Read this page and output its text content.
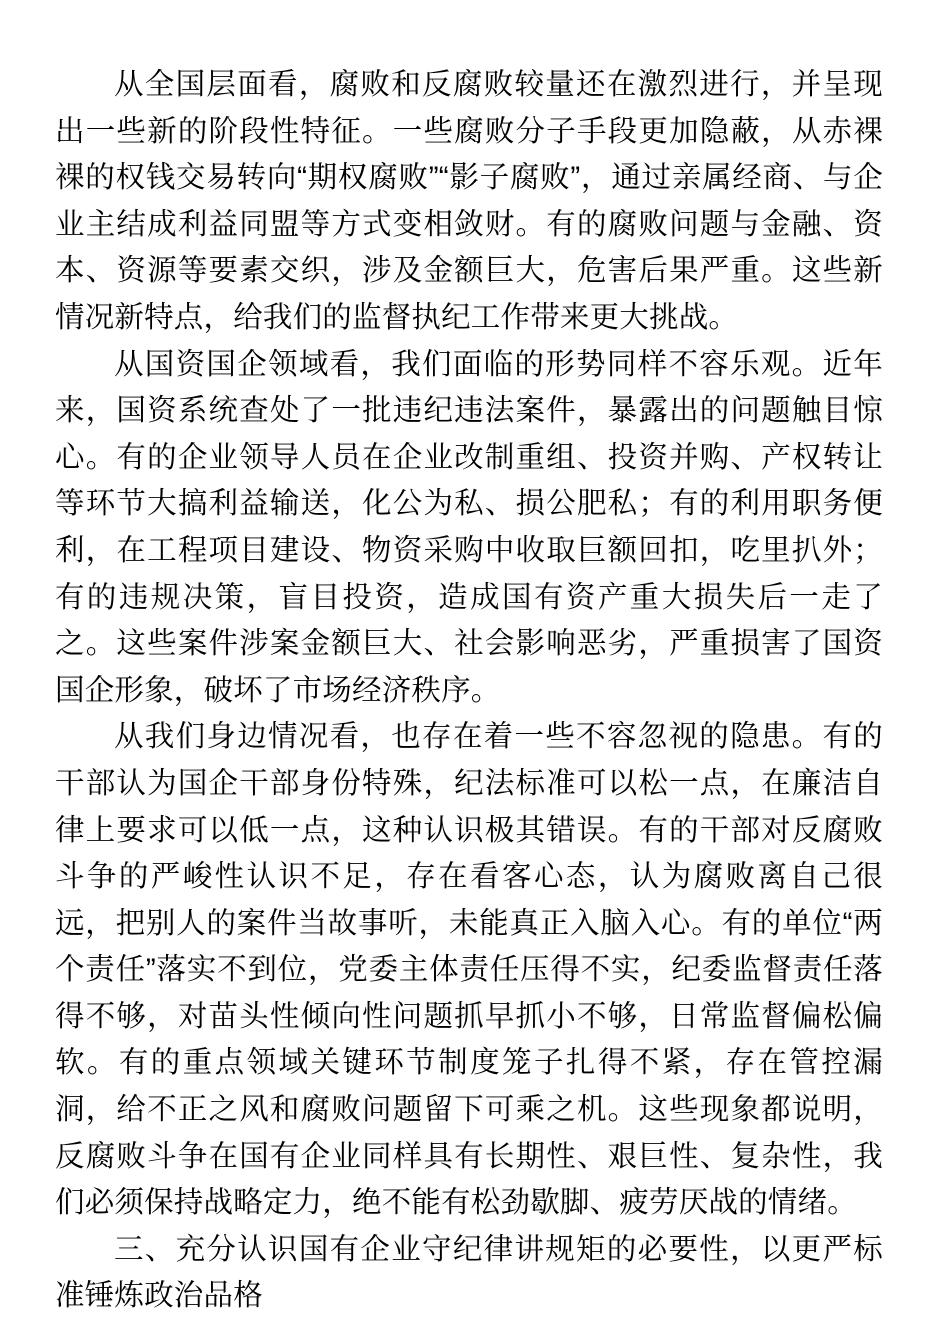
从全国层面看，腐败和反腐败较量还在激烈进行，并呈现出一些新的阶段性特征。一些腐败分子手段更加隐蔽，从赤裸裸的权钱交易转向“期权腐败”“影子腐败”，通过亲属经商、与企业主结成利益同盟等方式变相敛财。有的腐败问题与金融、资本、资源等要素交织，涉及金额巨大，危害后果严重。这些新情况新特点，给我们的监督执纪工作带来更大挑战。

从国资国企领域看，我们面临的形势同样不容乐观。近年来，国资系统查处了一批违纪违法案件，暴露出的问题触目惊心。有的企业领导人员在企业改制重组、投资并购、产权转让等环节大搞利益输送，化公为私、损公肥私；有的利用职务便利，在工程项目建设、物资采购中收取巨额回扣，吃里扒外；有的违规决策，盲目投资，造成国有资产重大损失后一走了之。这些案件涉案金额巨大、社会影响恶劣，严重损害了国资国企形象，破坏了市场经济秩序。

从我们身边情况看，也存在着一些不容忽视的隐患。有的干部认为国企干部身份特殊，纪法标准可以松一点，在廉洁自律上要求可以低一点，这种认识极其错误。有的干部对反腐败斗争的严峻性认识不足，存在看客心态，认为腐败离自己很远，把别人的案件当故事听，未能真正入脑入心。有的单位“两个责任”落实不到位，党委主体责任压得不实，纪委监督责任落得不够，对苗头性倾向性问题抓早抓小不够，日常监督偏松偏软。有的重点领域关键环节制度笼子扎得不紧，存在管控漏洞，给不正之风和腐败问题留下可乘之机。这些现象都说明，反腐败斗争在国有企业同样具有长期性、艰巨性、复杂性，我们必须保持战略定力，绝不能有松劲歇脚、疲劳厌战的情绪。

三、充分认识国有企业守纪律讲规矩的必要性，以更严标准锤炼政治品格
